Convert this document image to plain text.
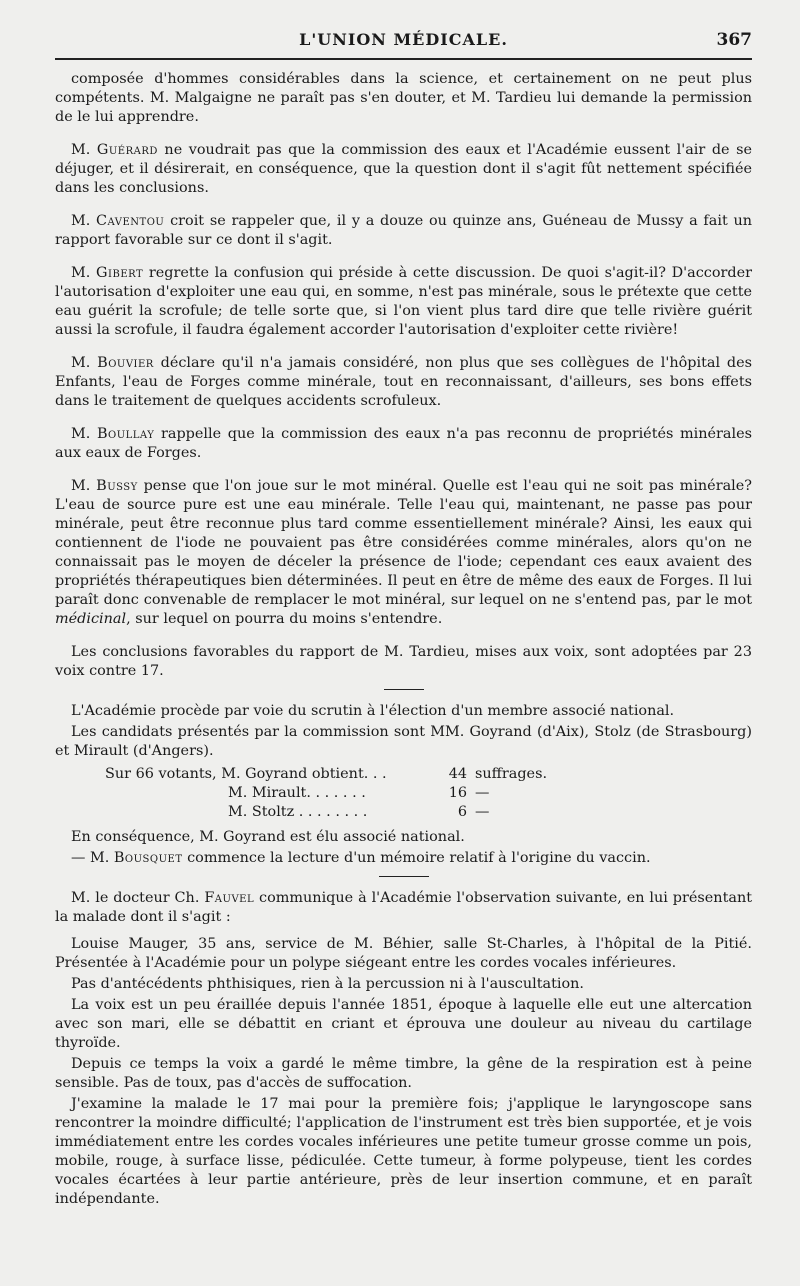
L'UNION MÉDICALE.	367

composée d'hommes considérables dans la science, et certainement on ne peut plus compétents. M. Malgaigne ne paraît pas s'en douter, et M. Tardieu lui demande la permission de le lui apprendre.

M. Guérard ne voudrait pas que la commission des eaux et l'Académie eussent l'air de se déjuger, et il désirerait, en conséquence, que la question dont il s'agit fût nettement spécifiée dans les conclusions.

M. Caventou croit se rappeler que, il y a douze ou quinze ans, Guéneau de Mussy a fait un rapport favorable sur ce dont il s'agit.

M. Gibert regrette la confusion qui préside à cette discussion. De quoi s'agit-il? D'accorder l'autorisation d'exploiter une eau qui, en somme, n'est pas minérale, sous le prétexte que cette eau guérit la scrofule; de telle sorte que, si l'on vient plus tard dire que telle rivière guérit aussi la scrofule, il faudra également accorder l'autorisation d'exploiter cette rivière!

M. Bouvier déclare qu'il n'a jamais considéré, non plus que ses collègues de l'hôpital des Enfants, l'eau de Forges comme minérale, tout en reconnaissant, d'ailleurs, ses bons effets dans le traitement de quelques accidents scrofuleux.

M. Boullay rappelle que la commission des eaux n'a pas reconnu de propriétés minérales aux eaux de Forges.

M. Bussy pense que l'on joue sur le mot minéral. Quelle est l'eau qui ne soit pas minérale? L'eau de source pure est une eau minérale. Telle l'eau qui, maintenant, ne passe pas pour minérale, peut être reconnue plus tard comme essentiellement minérale? Ainsi, les eaux qui contiennent de l'iode ne pouvaient pas être considérées comme minérales, alors qu'on ne connaissait pas le moyen de déceler la présence de l'iode; cependant ces eaux avaient des propriétés thérapeutiques bien déterminées. Il peut en être de même des eaux de Forges. Il lui paraît donc convenable de remplacer le mot minéral, sur lequel on ne s'entend pas, par le mot médicinal, sur lequel on pourra du moins s'entendre.

Les conclusions favorables du rapport de M. Tardieu, mises aux voix, sont adoptées par 23 voix contre 17.

L'Académie procède par voie du scrutin à l'élection d'un membre associé national.

Les candidats présentés par la commission sont MM. Goyrand (d'Aix), Stolz (de Strasbourg) et Mirault (d'Angers).

Sur 66 votants, M. Goyrand obtient. . .	44 suffrages.
M. Mirault. . . . . . .	16 —
M. Stoltz . . . . . . . .	6 —

En conséquence, M. Goyrand est élu associé national.

— M. Bousquet commence la lecture d'un mémoire relatif à l'origine du vaccin.

M. le docteur Ch. Fauvel communique à l'Académie l'observation suivante, en lui présentant la malade dont il s'agit :

Louise Mauger, 35 ans, service de M. Béhier, salle St-Charles, à l'hôpital de la Pitié. Présentée à l'Académie pour un polype siégeant entre les cordes vocales inférieures.

Pas d'antécédents phthisiques, rien à la percussion ni à l'auscultation.

La voix est un peu éraillée depuis l'année 1851, époque à laquelle elle eut une altercation avec son mari, elle se débattit en criant et éprouva une douleur au niveau du cartilage thyroïde.

Depuis ce temps la voix a gardé le même timbre, la gêne de la respiration est à peine sensible. Pas de toux, pas d'accès de suffocation.

J'examine la malade le 17 mai pour la première fois; j'applique le laryngoscope sans rencontrer la moindre difficulté; l'application de l'instrument est très bien supportée, et je vois immédiatement entre les cordes vocales inférieures une petite tumeur grosse comme un pois, mobile, rouge, à surface lisse, pédiculée. Cette tumeur, à forme polypeuse, tient les cordes vocales écartées à leur partie antérieure, près de leur insertion commune, et en paraît indépendante.
